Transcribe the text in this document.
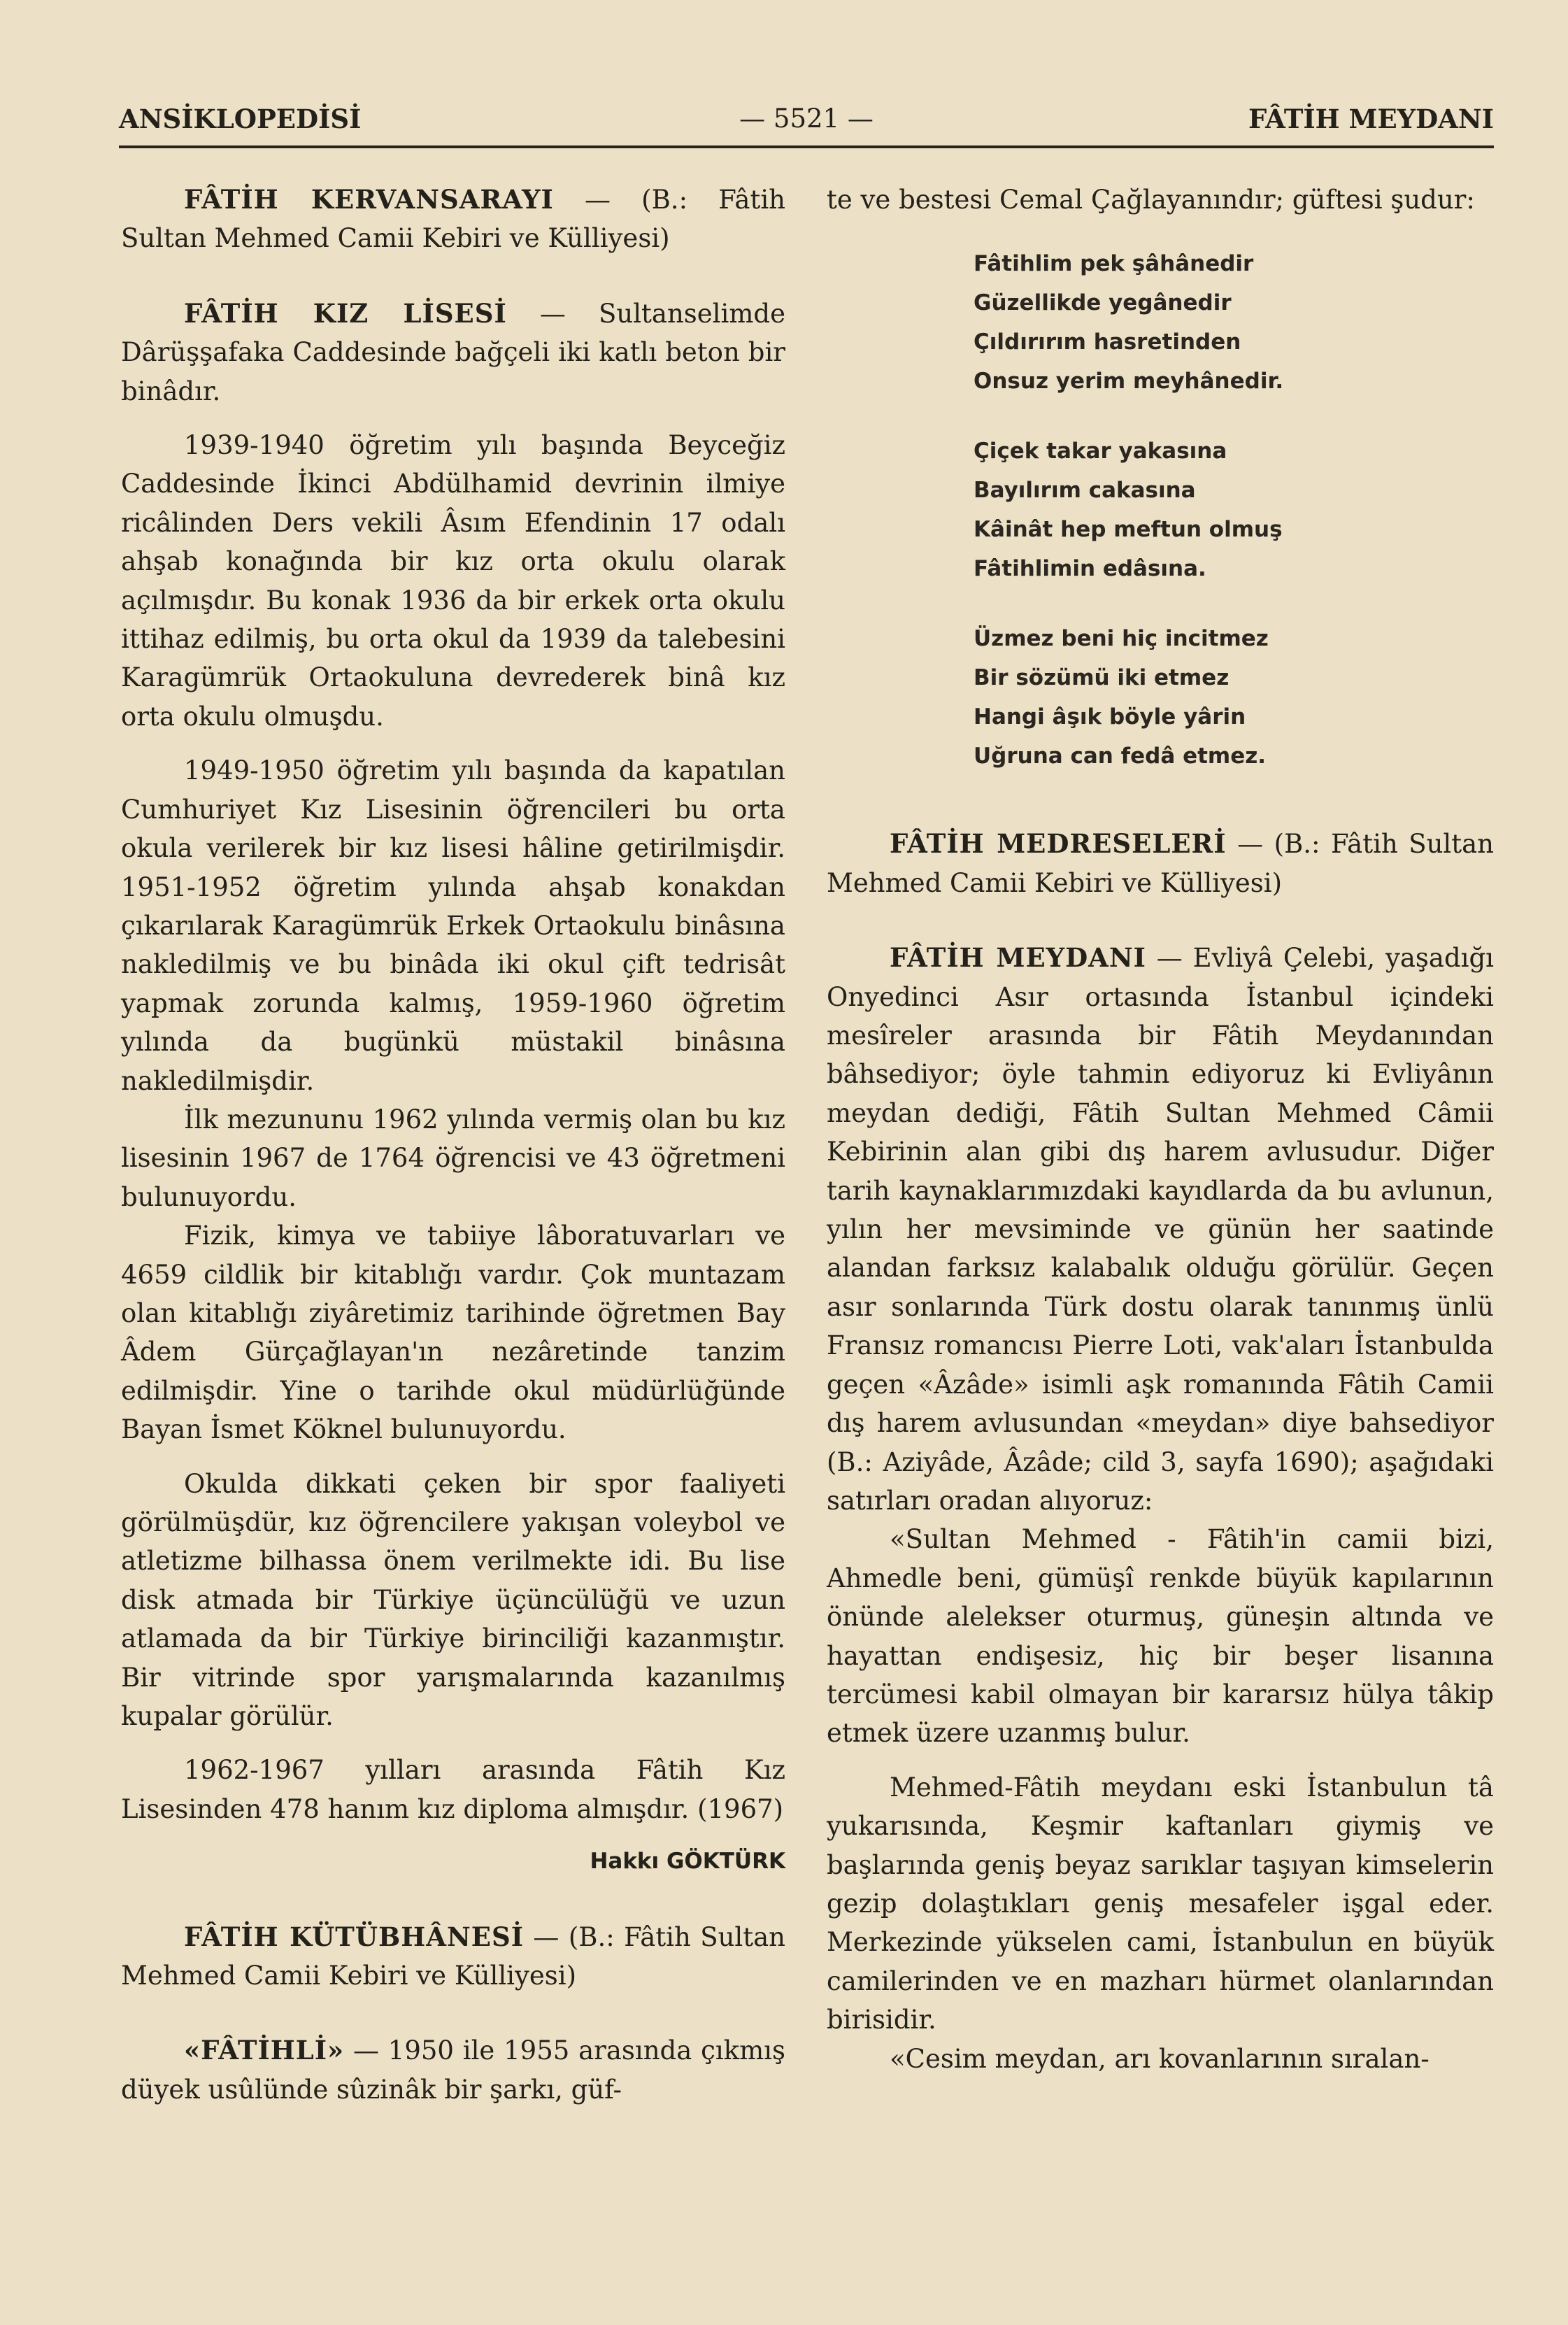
ANSİKLOPEDİSİ	— 5521 —	FÂTİH MEYDANI

FÂTİH KERVANSARAYI — (B.: Fâtih Sultan Mehmed Camii Kebiri ve Külliyesi)

FÂTİH KIZ LİSESİ — Sultanselimde Dârüşşafaka Caddesinde bağçeli iki katlı beton bir binâdır.

1939-1940 öğretim yılı başında Beyceğiz Caddesinde İkinci Abdülhamid devrinin ilmiye ricâlinden Ders vekili Âsım Efendinin 17 odalı ahşab konağında bir kız orta okulu olarak açılmışdır. Bu konak 1936 da bir erkek orta okulu ittihaz edilmiş, bu orta okul da 1939 da talebesini Karagümrük Ortaokuluna devrederek binâ kız orta okulu olmuşdu.

1949-1950 öğretim yılı başında da kapatılan Cumhuriyet Kız Lisesinin öğrencileri bu orta okula verilerek bir kız lisesi hâline getirilmişdir. 1951-1952 öğretim yılında ahşab konakdan çıkarılarak Karagümrük Erkek Ortaokulu binâsına nakledilmiş ve bu binâda iki okul çift tedrisât yapmak zorunda kalmış, 1959-1960 öğretim yılında da bugünkü müstakil binâsına nakledilmişdir.

İlk mezununu 1962 yılında vermiş olan bu kız lisesinin 1967 de 1764 öğrencisi ve 43 öğretmeni bulunuyordu.

Fizik, kimya ve tabiiye lâboratuvarları ve 4659 cildlik bir kitablığı vardır. Çok muntazam olan kitablığı ziyâretimiz tarihinde öğretmen Bay Âdem Gürçağlayan'ın nezâretinde tanzim edilmişdir. Yine o tarihde okul müdürlüğünde Bayan İsmet Köknel bulunuyordu.

Okulda dikkati çeken bir spor faaliyeti görülmüşdür, kız öğrencilere yakışan voleybol ve atletizme bilhassa önem verilmekte idi. Bu lise disk atmada bir Türkiye üçüncülüğü ve uzun atlamada da bir Türkiye birinciliği kazanmıştır. Bir vitrinde spor yarışmalarında kazanılmış kupalar görülür.

1962-1967 yılları arasında Fâtih Kız Lisesinden 478 hanım kız diploma almışdır. (1967)

Hakkı GÖKTÜRK

FÂTİH KÜTÜBHÂNESİ — (B.: Fâtih Sultan Mehmed Camii Kebiri ve Külliyesi)

«FÂTİHLİ» — 1950 ile 1955 arasında çıkmış düyek usûlünde sûzinâk bir şarkı, güf-

te ve bestesi Cemal Çağlayanındır; güftesi şudur:

Fâtihlim pek şâhânedir
Güzellikde yegânedir
Çıldırırım hasretinden
Onsuz yerim meyhânedir.
Çiçek takar yakasına
Bayılırım cakasına
Kâinât hep meftun olmuş
Fâtihlimin edâsına.
Üzmez beni hiç incitmez
Bir sözümü iki etmez
Hangi âşık böyle yârin
Uğruna can fedâ etmez.

FÂTİH MEDRESELERİ — (B.: Fâtih Sultan Mehmed Camii Kebiri ve Külliyesi)

FÂTİH MEYDANI — Evliyâ Çelebi, yaşadığı Onyedinci Asır ortasında İstanbul içindeki mesîreler arasında bir Fâtih Meydanından bâhsediyor; öyle tahmin ediyoruz ki Evliyânın meydan dediği, Fâtih Sultan Mehmed Câmii Kebirinin alan gibi dış harem avlusudur. Diğer tarih kaynaklarımızdaki kayıdlarda da bu avlunun, yılın her mevsiminde ve günün her saatinde alandan farksız kalabalık olduğu görülür. Geçen asır sonlarında Türk dostu olarak tanınmış ünlü Fransız romancısı Pierre Loti, vak'aları İstanbulda geçen «Âzâde» isimli aşk romanında Fâtih Camii dış harem avlusundan «meydan» diye bahsediyor (B.: Aziyâde, Âzâde; cild 3, sayfa 1690); aşağıdaki satırları oradan alıyoruz:

«Sultan Mehmed - Fâtih'in camii bizi, Ahmedle beni, gümüşî renkde büyük kapılarının önünde alelekser oturmuş, güneşin altında ve hayattan endişesiz, hiç bir beşer lisanına tercümesi kabil olmayan bir kararsız hülya tâkip etmek üzere uzanmış bulur.

Mehmed-Fâtih meydanı eski İstanbulun tâ yukarısında, Keşmir kaftanları giymiş ve başlarında geniş beyaz sarıklar taşıyan kimselerin gezip dolaştıkları geniş mesafeler işgal eder. Merkezinde yükselen cami, İstanbulun en büyük camilerinden ve en mazharı hürmet olanlarından birisidir.

«Cesim meydan, arı kovanlarının sıralan-
